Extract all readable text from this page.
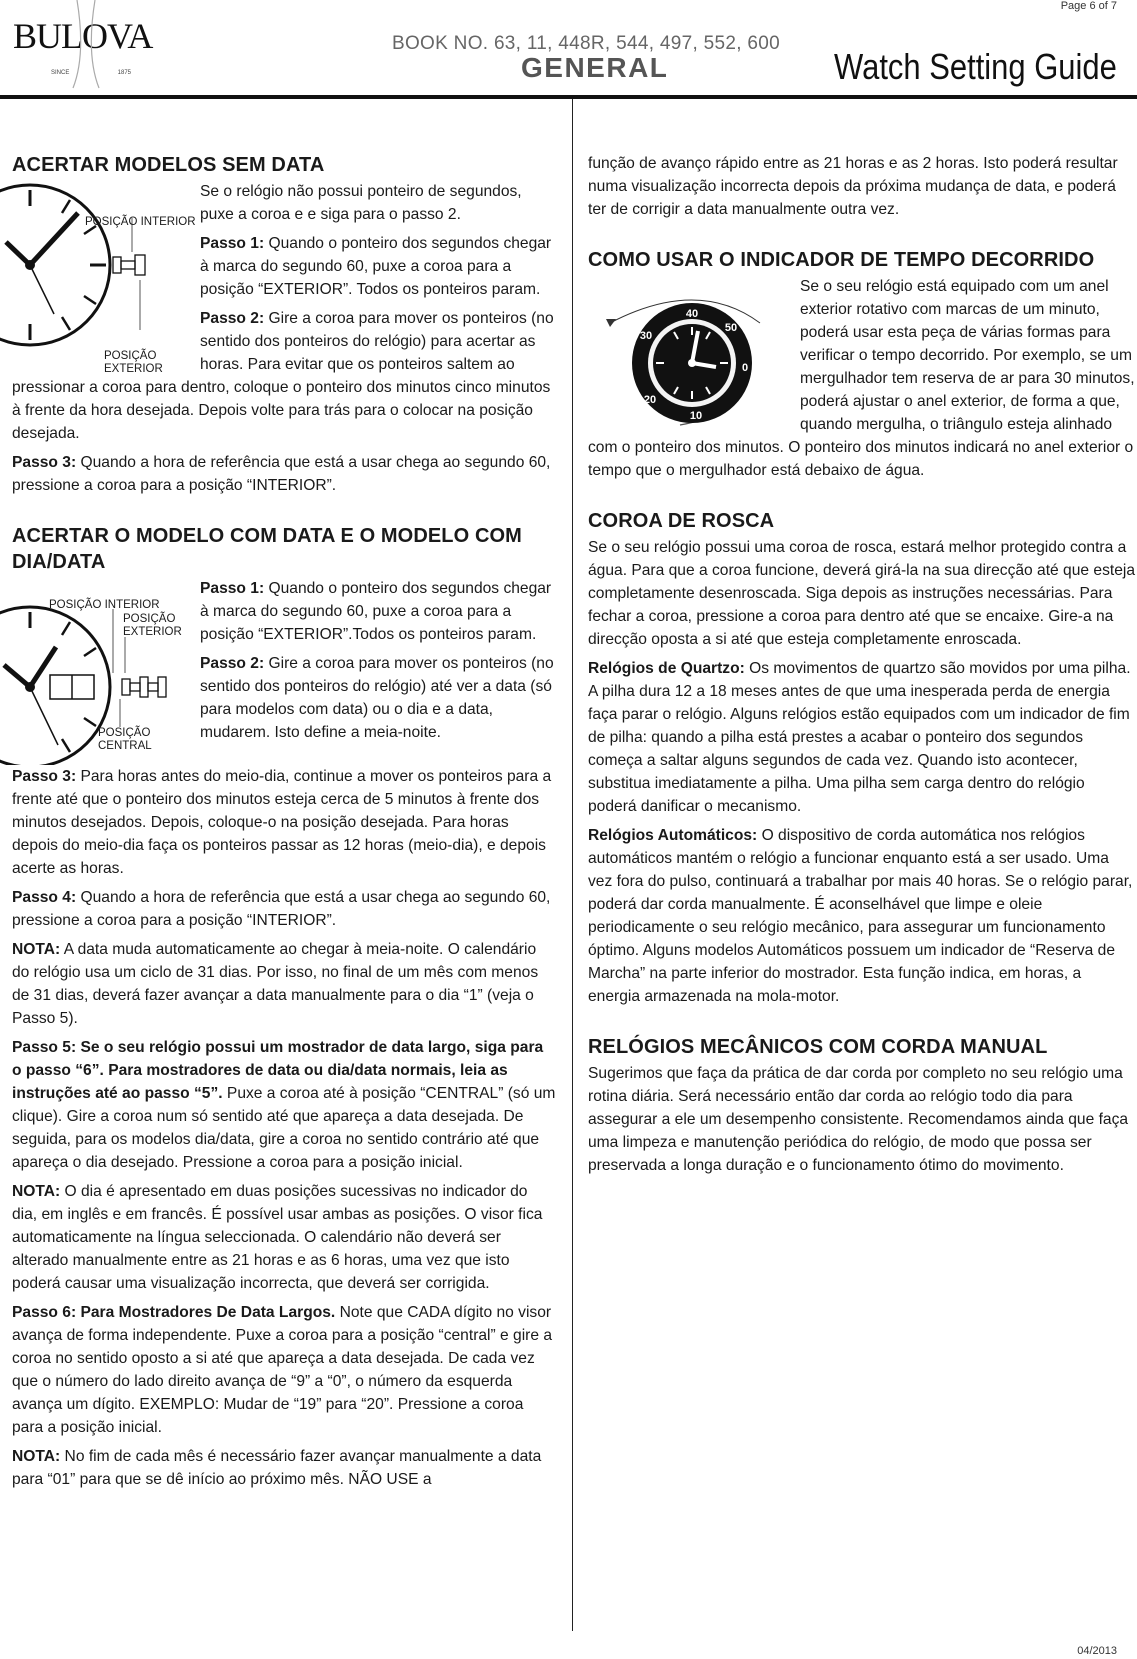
Page 6 of 7
BULOVA
SINCE	1875
BOOK NO. 63, 11, 448R, 544, 497, 552, 600
GENERAL	Watch Setting Guide
ACERTAR MODELOS SEM DATA
POSIÇÃO INTERIOR
POSIÇÃO
EXTERIOR

Se o relógio não possui ponteiro de segundos, puxe a coroa e e siga para o passo 2.

Passo 1: Quando o ponteiro dos segundos chegar à marca do segundo 60, puxe a coroa para a posição “EXTERIOR”. Todos os ponteiros param.

Passo 2: Gire a coroa para mover os ponteiros (no sentido dos ponteiros do relógio) para acertar as horas. Para evitar que os ponteiros saltem ao pressionar a coroa para dentro, coloque o ponteiro dos minutos cinco minutos à frente da hora desejada. Depois volte para trás para o colocar na posição desejada.

Passo 3: Quando a hora de referência que está a usar chega ao segundo 60, pressione a coroa para a posição “INTERIOR”.

ACERTAR O MODELO COM DATA E O MODELO COM DIA/DATA
POSIÇÃO INTERIOR
POSIÇÃO
EXTERIOR
POSIÇÃO
CENTRAL

Passo 1: Quando o ponteiro dos segundos chegar à marca do segundo 60, puxe a coroa para a posição “EXTERIOR”.Todos os ponteiros param.

Passo 2: Gire a coroa para mover os ponteiros (no sentido dos ponteiros do relógio) até ver a data (só para modelos com data) ou o dia e a data, mudarem. Isto define a meia-noite.

Passo 3: Para horas antes do meio-dia, continue a mover os ponteiros para a frente até que o ponteiro dos minutos esteja cerca de 5 minutos à frente dos minutos desejados. Depois, coloque-o na posição desejada. Para horas depois do meio-dia faça os ponteiros passar as 12 horas (meio-dia), e depois acerte as horas.

Passo 4: Quando a hora de referência que está a usar chega ao segundo 60, pressione a coroa para a posição “INTERIOR”.

NOTA: A data muda automaticamente ao chegar à meia-noite. O calendário do relógio usa um ciclo de 31 dias. Por isso, no final de um mês com menos de 31 dias, deverá fazer avançar a data manualmente para o dia “1” (veja o Passo 5).

Passo 5: Se o seu relógio possui um mostrador de data largo, siga para o passo “6”. Para mostradores de data ou dia/data normais, leia as instruções até ao passo “5”. Puxe a coroa até à posição “CENTRAL” (só um clique). Gire a coroa num só sentido até que apareça a data desejada. De seguida, para os modelos dia/data, gire a coroa no sentido contrário até que apareça o dia desejado. Pressione a coroa para a posição inicial.

NOTA: O dia é apresentado em duas posições sucessivas no indicador do dia, em inglês e em francês. É possível usar ambas as posições. O visor fica automaticamente na língua seleccionada. O calendário não deverá ser alterado manualmente entre as 21 horas e as 6 horas, uma vez que isto poderá causar uma visualização incorrecta, que deverá ser corrigida.

Passo 6: Para Mostradores De Data Largos. Note que CADA dígito no visor avança de forma independente. Puxe a coroa para a posição “central” e gire a coroa no sentido oposto a si até que apareça a data desejada. De cada vez que o número do lado direito avança de “9” a “0”, o número da esquerda avança um dígito. EXEMPLO: Mudar de “19” para “20”. Pressione a coroa para a posição inicial.

NOTA: No fim de cada mês é necessário fazer avançar manualmente a data para “01” para que se dê início ao próximo mês. NÃO USE a

função de avanço rápido entre as 21 horas e as 2 horas. Isto poderá resultar numa visualização incorrecta depois da próxima mudança de data, e poderá ter de corrigir a data manualmente outra vez.

COMO USAR O INDICADOR DE TEMPO DECORRIDO
40
50
0
10
20
30

Se o seu relógio está equipado com um anel exterior rotativo com marcas de um minuto, poderá usar esta peça de várias formas para verificar o tempo decorrido. Por exemplo, se um mergulhador tem reserva de ar para 30 minutos, poderá ajustar o anel exterior, de forma a que, quando mergulha, o triângulo esteja alinhado com o ponteiro dos minutos. O ponteiro dos minutos indicará no anel exterior o tempo que o mergulhador está debaixo de água.

COROA DE ROSCA

Se o seu relógio possui uma coroa de rosca, estará melhor protegido contra a água. Para que a coroa funcione, deverá girá-la na sua direcção até que esteja completamente desenroscada. Siga depois as instruções necessárias. Para fechar a coroa, pressione a coroa para dentro até que se encaixe. Gire-a na direcção oposta a si até que esteja completamente enroscada.

Relógios de Quartzo: Os movimentos de quartzo são movidos por uma pilha. A pilha dura 12 a 18 meses antes de que uma inesperada perda de energia faça parar o relógio. Alguns relógios estão equipados com um indicador de fim de pilha: quando a pilha está prestes a acabar o ponteiro dos segundos começa a saltar alguns segundos de cada vez. Quando isto acontecer, substitua imediatamente a pilha. Uma pilha sem carga dentro do relógio poderá danificar o mecanismo.

Relógios Automáticos: O dispositivo de corda automática nos relógios automáticos mantém o relógio a funcionar enquanto está a ser usado. Uma vez fora do pulso, continuará a trabalhar por mais 40 horas. Se o relógio parar, poderá dar corda manualmente. É aconselhável que limpe e oleie periodicamente o seu relógio mecânico, para assegurar um funcionamento óptimo. Alguns modelos Automáticos possuem um indicador de “Reserva de Marcha” na parte inferior do mostrador. Esta função indica, em horas, a energia armazenada na mola-motor.

RELÓGIOS MECÂNICOS COM CORDA MANUAL

Sugerimos que faça da prática de dar corda por completo no seu relógio uma rotina diária. Será necessário então dar corda ao relógio todo dia para assegurar a ele um desempenho consistente. Recomendamos ainda que faça uma limpeza e manutenção periódica do relógio, de modo que possa ser preservada a longa duração e o funcionamento ótimo do movimento.

04/2013
